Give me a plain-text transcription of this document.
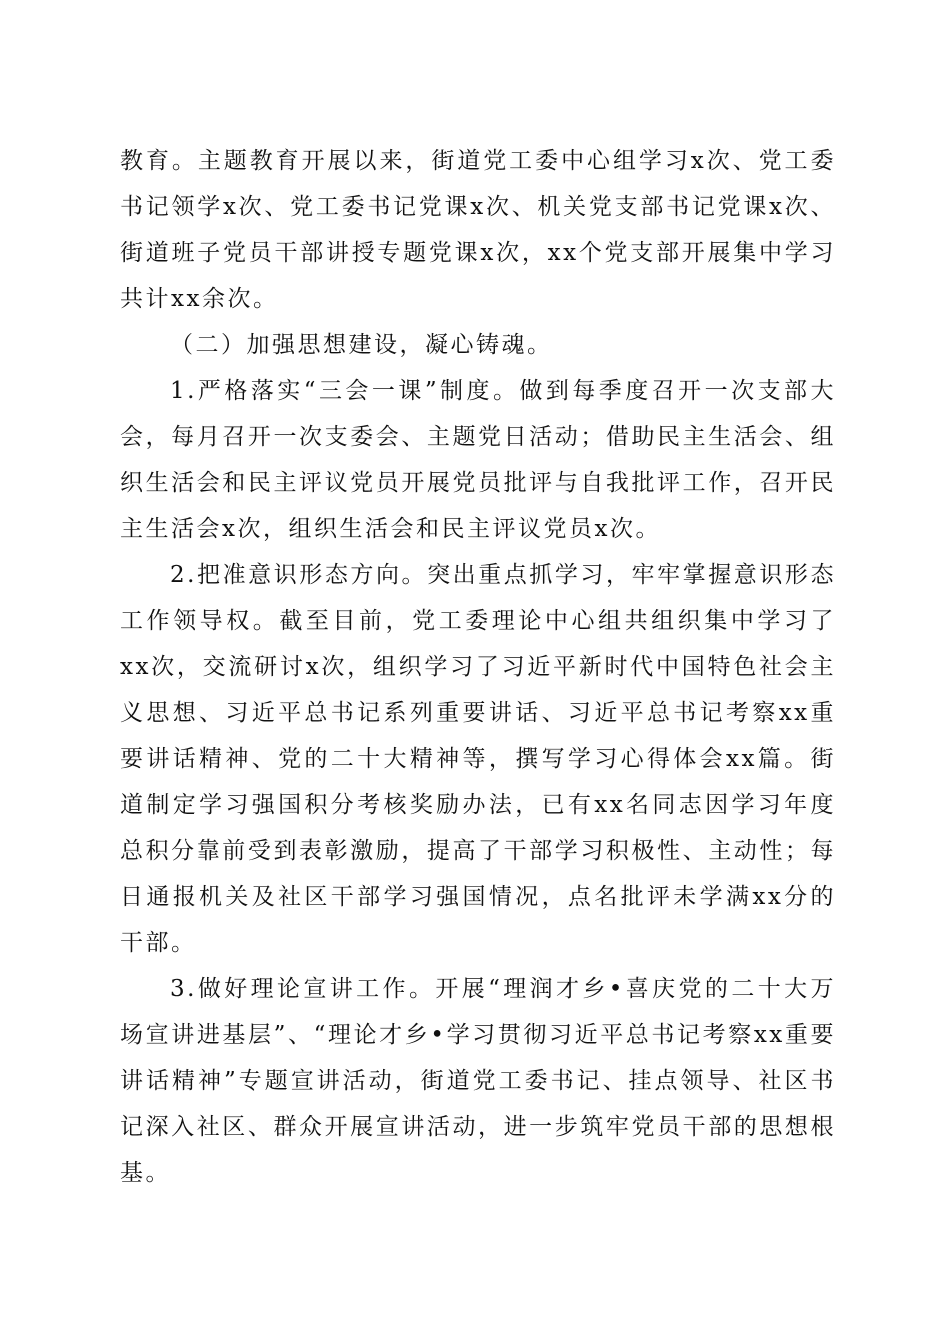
教育。主题教育开展以来，街道党工委中心组学习x次、党工委书记领学x次、党工委书记党课x次、机关党支部书记党课x次、街道班子党员干部讲授专题党课x次，xx个党支部开展集中学习共计xx余次。

（二）加强思想建设，凝心铸魂。

1.严格落实“三会一课”制度。做到每季度召开一次支部大会，每月召开一次支委会、主题党日活动；借助民主生活会、组织生活会和民主评议党员开展党员批评与自我批评工作，召开民主生活会x次，组织生活会和民主评议党员x次。

2.把准意识形态方向。突出重点抓学习，牢牢掌握意识形态工作领导权。截至目前，党工委理论中心组共组织集中学习了xx次，交流研讨x次，组织学习了习近平新时代中国特色社会主义思想、习近平总书记系列重要讲话、习近平总书记考察xx重要讲话精神、党的二十大精神等，撰写学习心得体会xx篇。街道制定学习强国积分考核奖励办法，已有xx名同志因学习年度总积分靠前受到表彰激励，提高了干部学习积极性、主动性；每日通报机关及社区干部学习强国情况，点名批评未学满xx分的干部。

3.做好理论宣讲工作。开展“理润才乡•喜庆党的二十大万场宣讲进基层”、“理论才乡•学习贯彻习近平总书记考察xx重要讲话精神”专题宣讲活动，街道党工委书记、挂点领导、社区书记深入社区、群众开展宣讲活动，进一步筑牢党员干部的思想根基。
